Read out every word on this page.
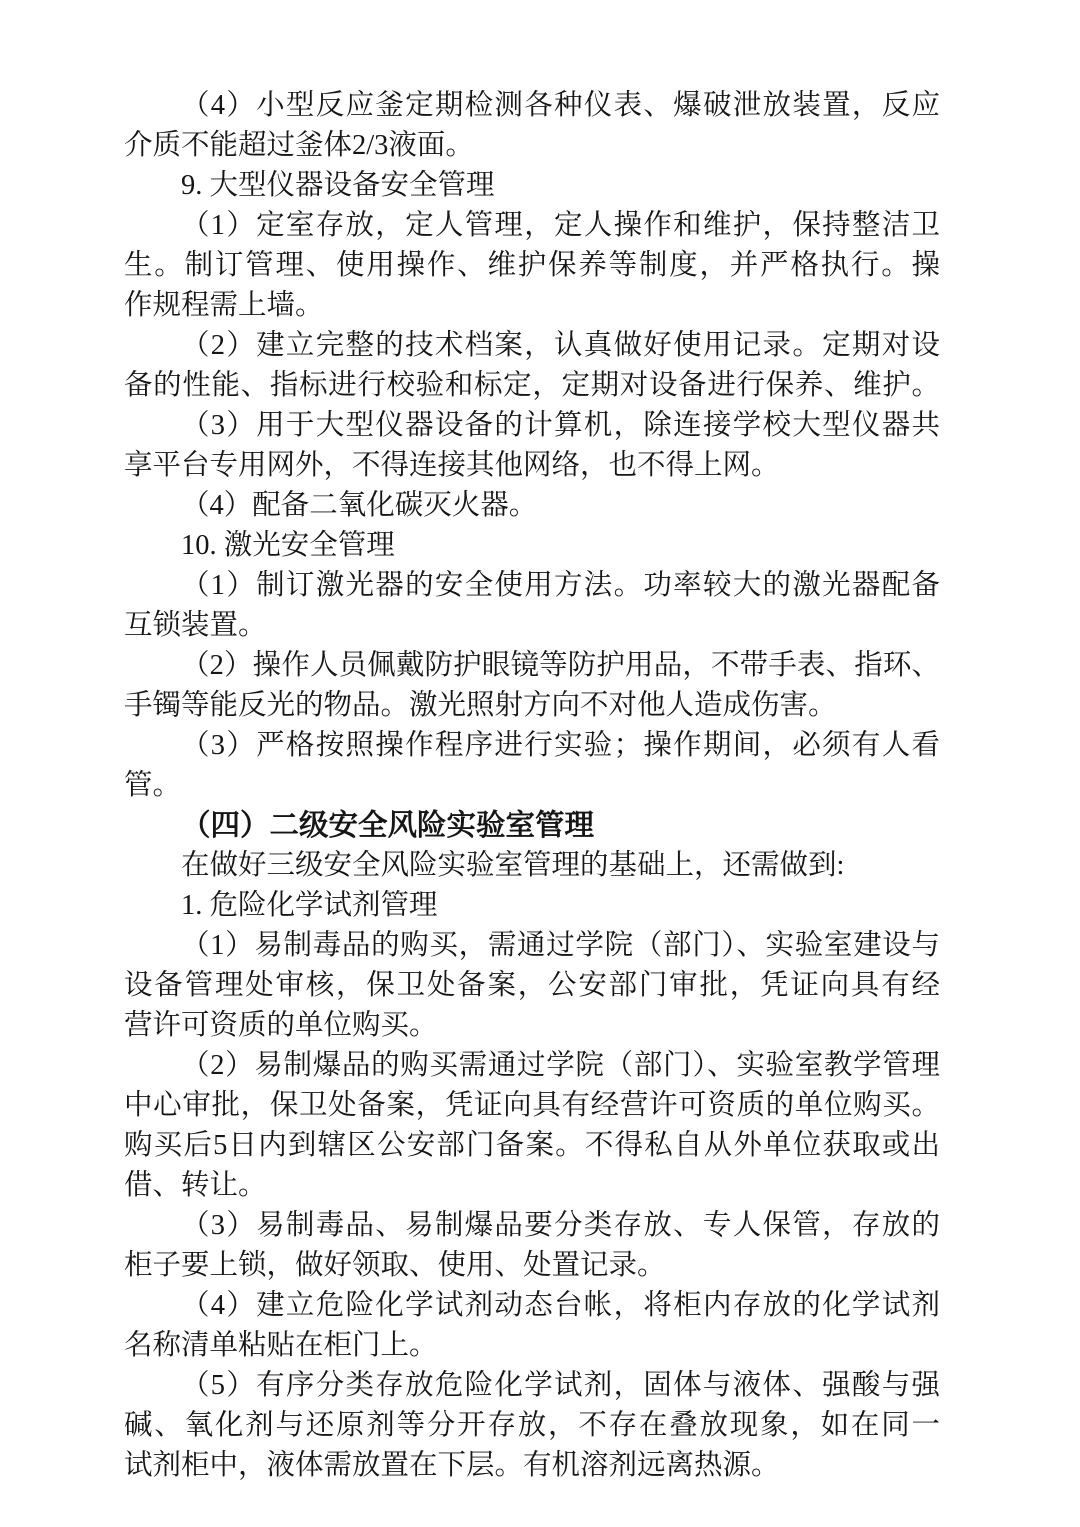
（4）小型反应釜定期检测各种仪表、爆破泄放装置，反应
介质不能超过釜体2/3液面。
9. 大型仪器设备安全管理
（1）定室存放，定人管理，定人操作和维护，保持整洁卫
生。制订管理、使用操作、维护保养等制度，并严格执行。操
作规程需上墙。
（2）建立完整的技术档案，认真做好使用记录。定期对设
备的性能、指标进行校验和标定，定期对设备进行保养、维护。
（3）用于大型仪器设备的计算机，除连接学校大型仪器共
享平台专用网外，不得连接其他网络，也不得上网。
（4）配备二氧化碳灭火器。
10. 激光安全管理
（1）制订激光器的安全使用方法。功率较大的激光器配备
互锁装置。
（2）操作人员佩戴防护眼镜等防护用品，不带手表、指环、
手镯等能反光的物品。激光照射方向不对他人造成伤害。
（3）严格按照操作程序进行实验；操作期间，必须有人看
管。
（四）二级安全风险实验室管理
在做好三级安全风险实验室管理的基础上，还需做到:
1. 危险化学试剂管理
（1）易制毒品的购买，需通过学院（部门）、实验室建设与
设备管理处审核，保卫处备案，公安部门审批，凭证向具有经
营许可资质的单位购买。
（2）易制爆品的购买需通过学院（部门）、实验室教学管理
中心审批，保卫处备案，凭证向具有经营许可资质的单位购买。
购买后5日内到辖区公安部门备案。不得私自从外单位获取或出
借、转让。
（3）易制毒品、易制爆品要分类存放、专人保管，存放的
柜子要上锁，做好领取、使用、处置记录。
（4）建立危险化学试剂动态台帐，将柜内存放的化学试剂
名称清单粘贴在柜门上。
（5）有序分类存放危险化学试剂，固体与液体、强酸与强
碱、氧化剂与还原剂等分开存放，不存在叠放现象，如在同一
试剂柜中，液体需放置在下层。有机溶剂远离热源。
